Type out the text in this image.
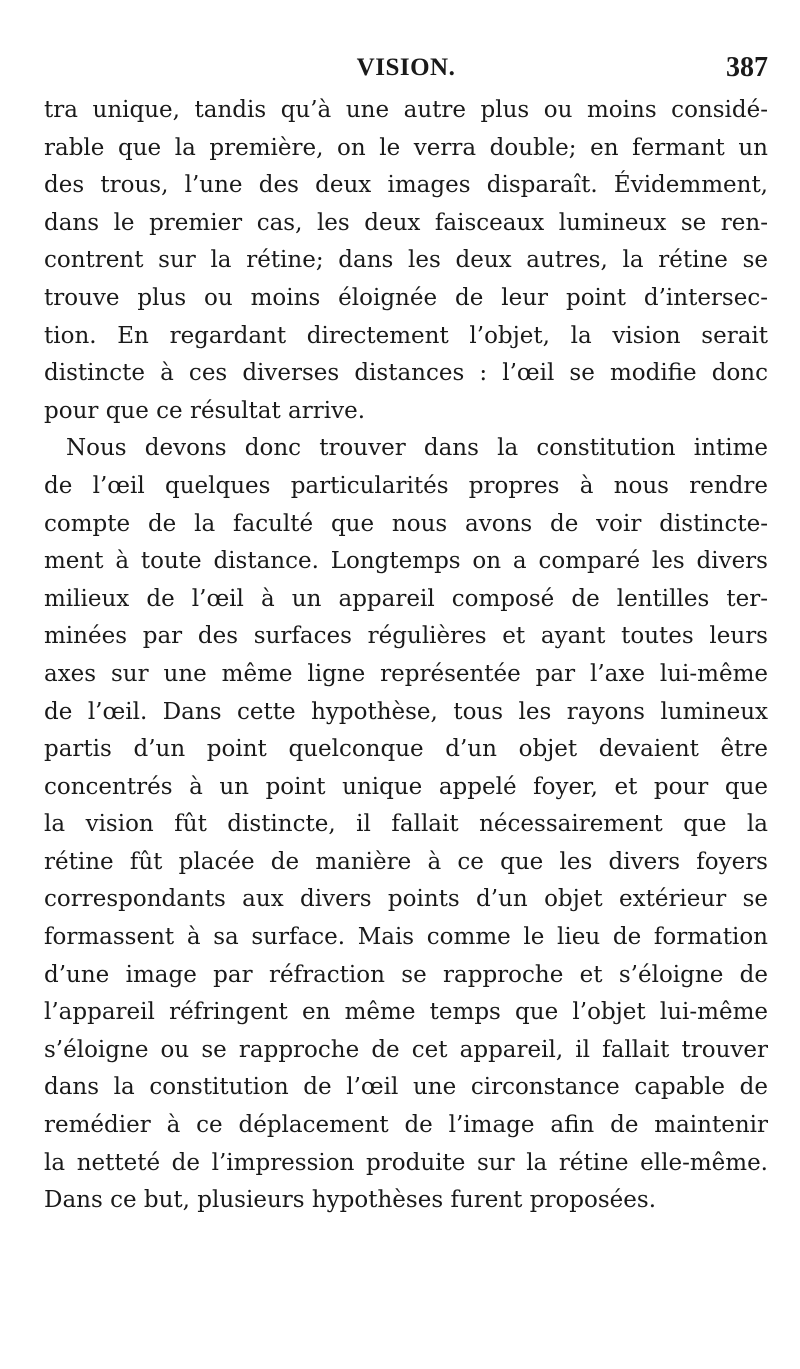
VISION.	387
tra unique, tandis qu’à une autre plus ou moins considé-
rable que la première, on le verra double; en fermant un
des trous, l’une des deux images disparaît. Évidemment,
dans le premier cas, les deux faisceaux lumineux se ren-
contrent sur la rétine; dans les deux autres, la rétine se
trouve plus ou moins éloignée de leur point d’intersec-
tion. En regardant directement l’objet, la vision serait
distincte à ces diverses distances : l’œil se modifie donc
pour que ce résultat arrive.
Nous devons donc trouver dans la constitution intime
de l’œil quelques particularités propres à nous rendre
compte de la faculté que nous avons de voir distincte-
ment à toute distance. Longtemps on a comparé les divers
milieux de l’œil à un appareil composé de lentilles ter-
minées par des surfaces régulières et ayant toutes leurs
axes sur une même ligne représentée par l’axe lui-même
de l’œil. Dans cette hypothèse, tous les rayons lumineux
partis d’un point quelconque d’un objet devaient être
concentrés à un point unique appelé foyer, et pour que
la vision fût distincte, il fallait nécessairement que la
rétine fût placée de manière à ce que les divers foyers
correspondants aux divers points d’un objet extérieur se
formassent à sa surface. Mais comme le lieu de formation
d’une image par réfraction se rapproche et s’éloigne de
l’appareil réfringent en même temps que l’objet lui-même
s’éloigne ou se rapproche de cet appareil, il fallait trouver
dans la constitution de l’œil une circonstance capable de
remédier à ce déplacement de l’image afin de maintenir
la netteté de l’impression produite sur la rétine elle-même.
Dans ce but, plusieurs hypothèses furent proposées.
